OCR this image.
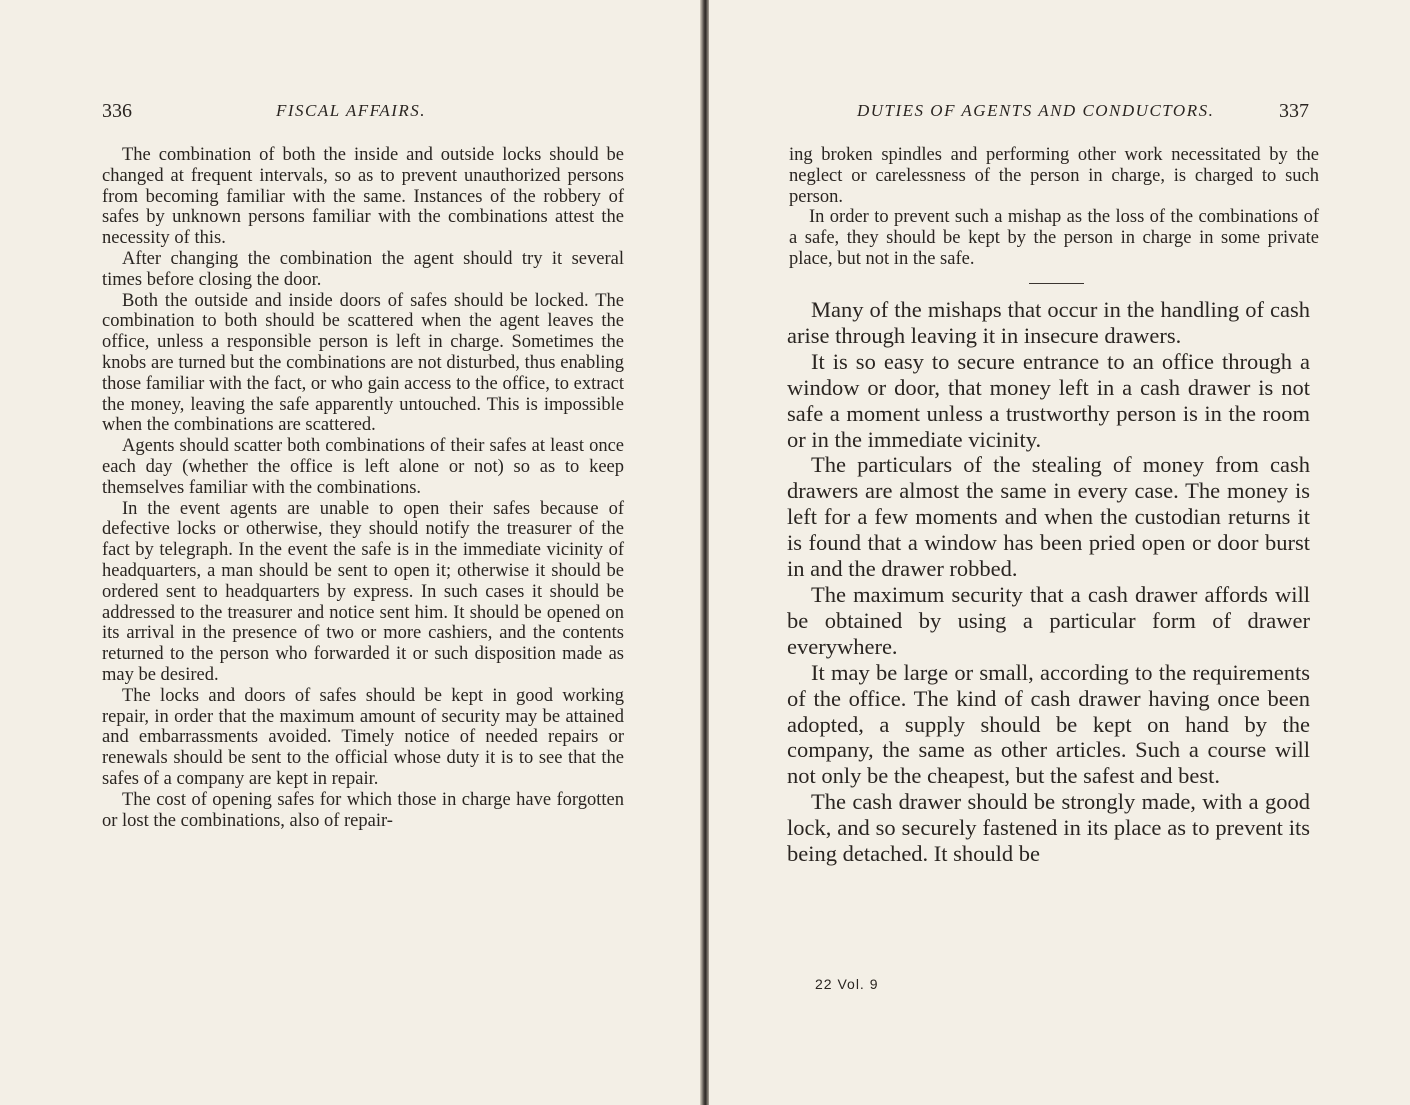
336	FISCAL AFFAIRS.

The combination of both the inside and outside locks should be changed at frequent intervals, so as to prevent unauthorized persons from becoming familiar with the same. Instances of the robbery of safes by unknown persons familiar with the combinations attest the necessity of this.

After changing the combination the agent should try it several times before closing the door.

Both the outside and inside doors of safes should be locked. The combination to both should be scattered when the agent leaves the office, unless a responsible person is left in charge. Sometimes the knobs are turned but the combinations are not disturbed, thus enabling those familiar with the fact, or who gain access to the office, to extract the money, leaving the safe apparently untouched. This is impossible when the combinations are scattered.

Agents should scatter both combinations of their safes at least once each day (whether the office is left alone or not) so as to keep themselves familiar with the combinations.

In the event agents are unable to open their safes because of defective locks or otherwise, they should notify the treasurer of the fact by telegraph. In the event the safe is in the immediate vicinity of headquarters, a man should be sent to open it; otherwise it should be ordered sent to headquarters by express. In such cases it should be addressed to the treasurer and notice sent him. It should be opened on its arrival in the presence of two or more cashiers, and the contents returned to the person who forwarded it or such disposition made as may be desired.

The locks and doors of safes should be kept in good working repair, in order that the maximum amount of security may be attained and embarrassments avoided. Timely notice of needed repairs or renewals should be sent to the official whose duty it is to see that the safes of a company are kept in repair.

The cost of opening safes for which those in charge have forgotten or lost the combinations, also of repair-

DUTIES OF AGENTS AND CONDUCTORS.	337

ing broken spindles and performing other work necessitated by the neglect or carelessness of the person in charge, is charged to such person.

In order to prevent such a mishap as the loss of the combinations of a safe, they should be kept by the person in charge in some private place, but not in the safe.

Many of the mishaps that occur in the handling of cash arise through leaving it in insecure drawers.

It is so easy to secure entrance to an office through a window or door, that money left in a cash drawer is not safe a moment unless a trustworthy person is in the room or in the immediate vicinity.

The particulars of the stealing of money from cash drawers are almost the same in every case. The money is left for a few moments and when the custodian returns it is found that a window has been pried open or door burst in and the drawer robbed.

The maximum security that a cash drawer affords will be obtained by using a particular form of drawer everywhere.

It may be large or small, according to the requirements of the office. The kind of cash drawer having once been adopted, a supply should be kept on hand by the company, the same as other articles. Such a course will not only be the cheapest, but the safest and best.

The cash drawer should be strongly made, with a good lock, and so securely fastened in its place as to prevent its being detached. It should be

22 Vol. 9
